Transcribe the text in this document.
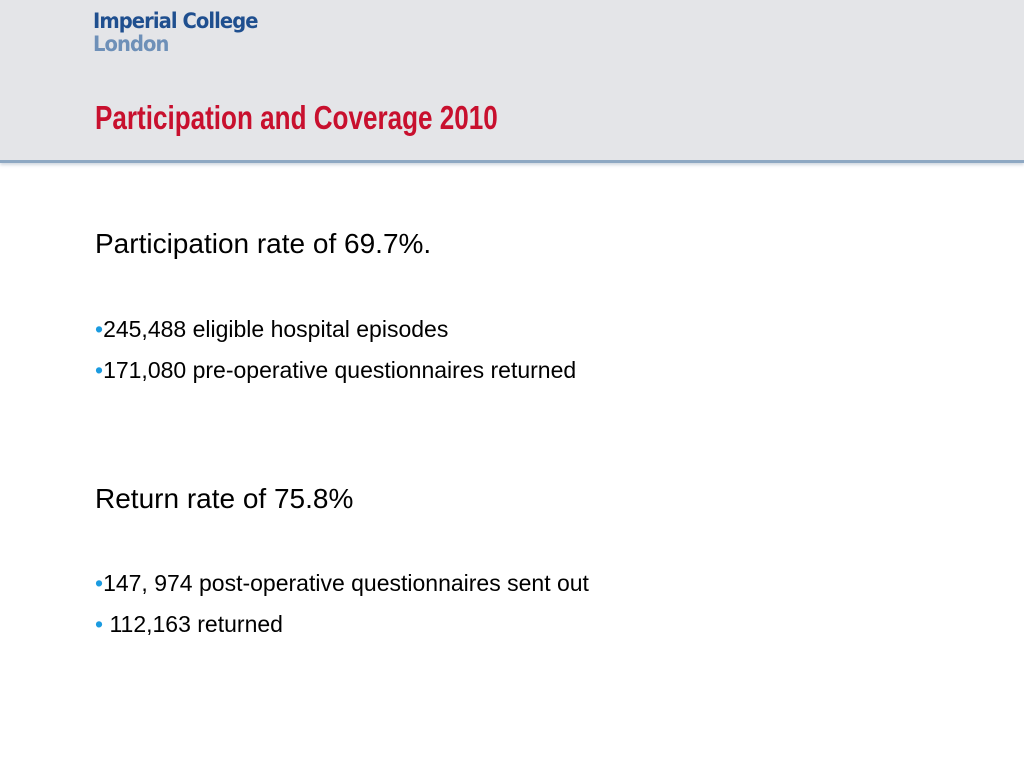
Imperial College
London
Participation and Coverage 2010
Participation rate of 69.7%.
•245,488 eligible hospital episodes
•171,080 pre-operative questionnaires returned
Return rate of 75.8%
•147, 974 post-operative questionnaires sent out
• 112,163 returned
